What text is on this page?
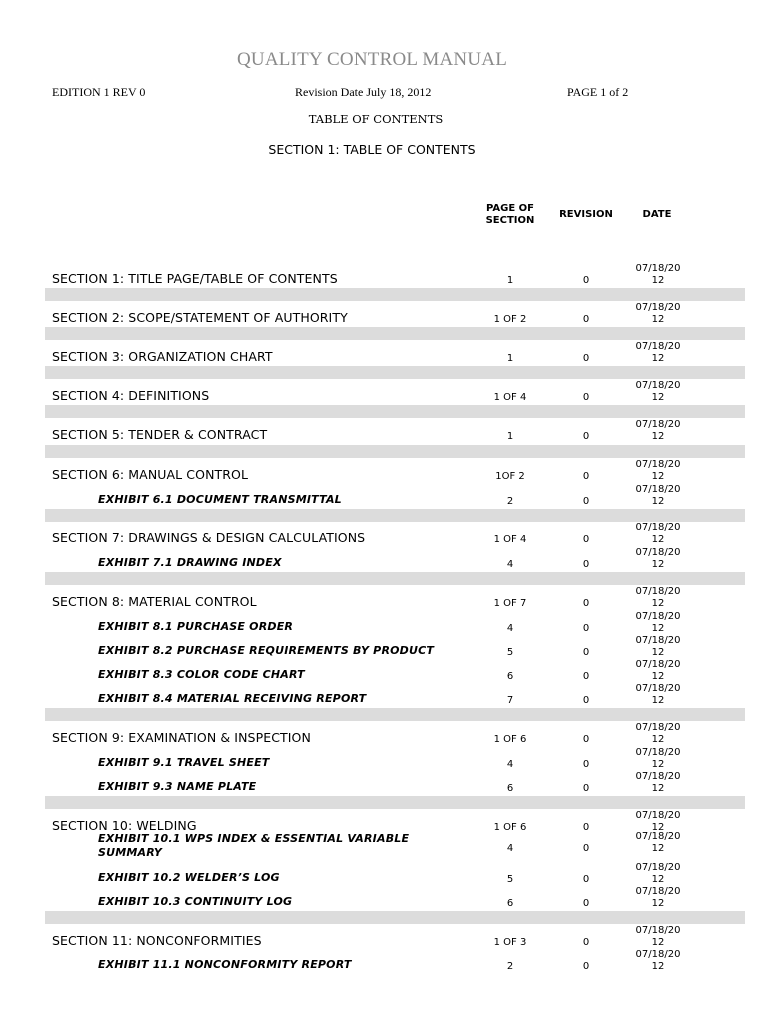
QUALITY CONTROL MANUAL
EDITION 1 REV 0	Revision Date July 18, 2012	PAGE 1 of 2
TABLE OF CONTENTS
SECTION 1: TABLE OF CONTENTS
PAGE OF
SECTION
REVISION	DATE
SECTION 1: TITLE PAGE/TABLE OF CONTENTS	1	0
07/18/20
12
SECTION 2: SCOPE/STATEMENT OF AUTHORITY	1 OF 2	0
07/18/20
12
SECTION 3: ORGANIZATION CHART	1	0
07/18/20
12
SECTION 4: DEFINITIONS	1 OF 4	0
07/18/20
12
SECTION 5: TENDER & CONTRACT	1	0
07/18/20
12
SECTION 6: MANUAL CONTROL	1OF 2	0
07/18/20
12
EXHIBIT 6.1 DOCUMENT TRANSMITTAL	2	0
07/18/20
12
SECTION 7: DRAWINGS & DESIGN CALCULATIONS	1 OF 4	0
07/18/20
12
EXHIBIT 7.1 DRAWING INDEX	4	0
07/18/20
12
SECTION 8: MATERIAL CONTROL	1 OF 7	0
07/18/20
12
EXHIBIT 8.1 PURCHASE ORDER	4	0
07/18/20
12
EXHIBIT 8.2 PURCHASE REQUIREMENTS BY PRODUCT	5	0
07/18/20
12
EXHIBIT 8.3 COLOR CODE CHART	6	0
07/18/20
12
EXHIBIT 8.4 MATERIAL RECEIVING REPORT	7	0
07/18/20
12
SECTION 9: EXAMINATION & INSPECTION	1 OF 6	0
07/18/20
12
EXHIBIT 9.1 TRAVEL SHEET	4	0
07/18/20
12
EXHIBIT 9.3 NAME PLATE	6	0
07/18/20
12
SECTION 10: WELDING	1 OF 6	0
07/18/20
12
EXHIBIT 10.1 WPS INDEX & ESSENTIAL VARIABLE
SUMMARY	4	0
07/18/20
12
EXHIBIT 10.2 WELDER’S LOG	5	0
07/18/20
12
EXHIBIT 10.3 CONTINUITY LOG	6	0
07/18/20
12
SECTION 11: NONCONFORMITIES	1 OF 3	0
07/18/20
12
EXHIBIT 11.1 NONCONFORMITY REPORT	2	0
07/18/20
12
